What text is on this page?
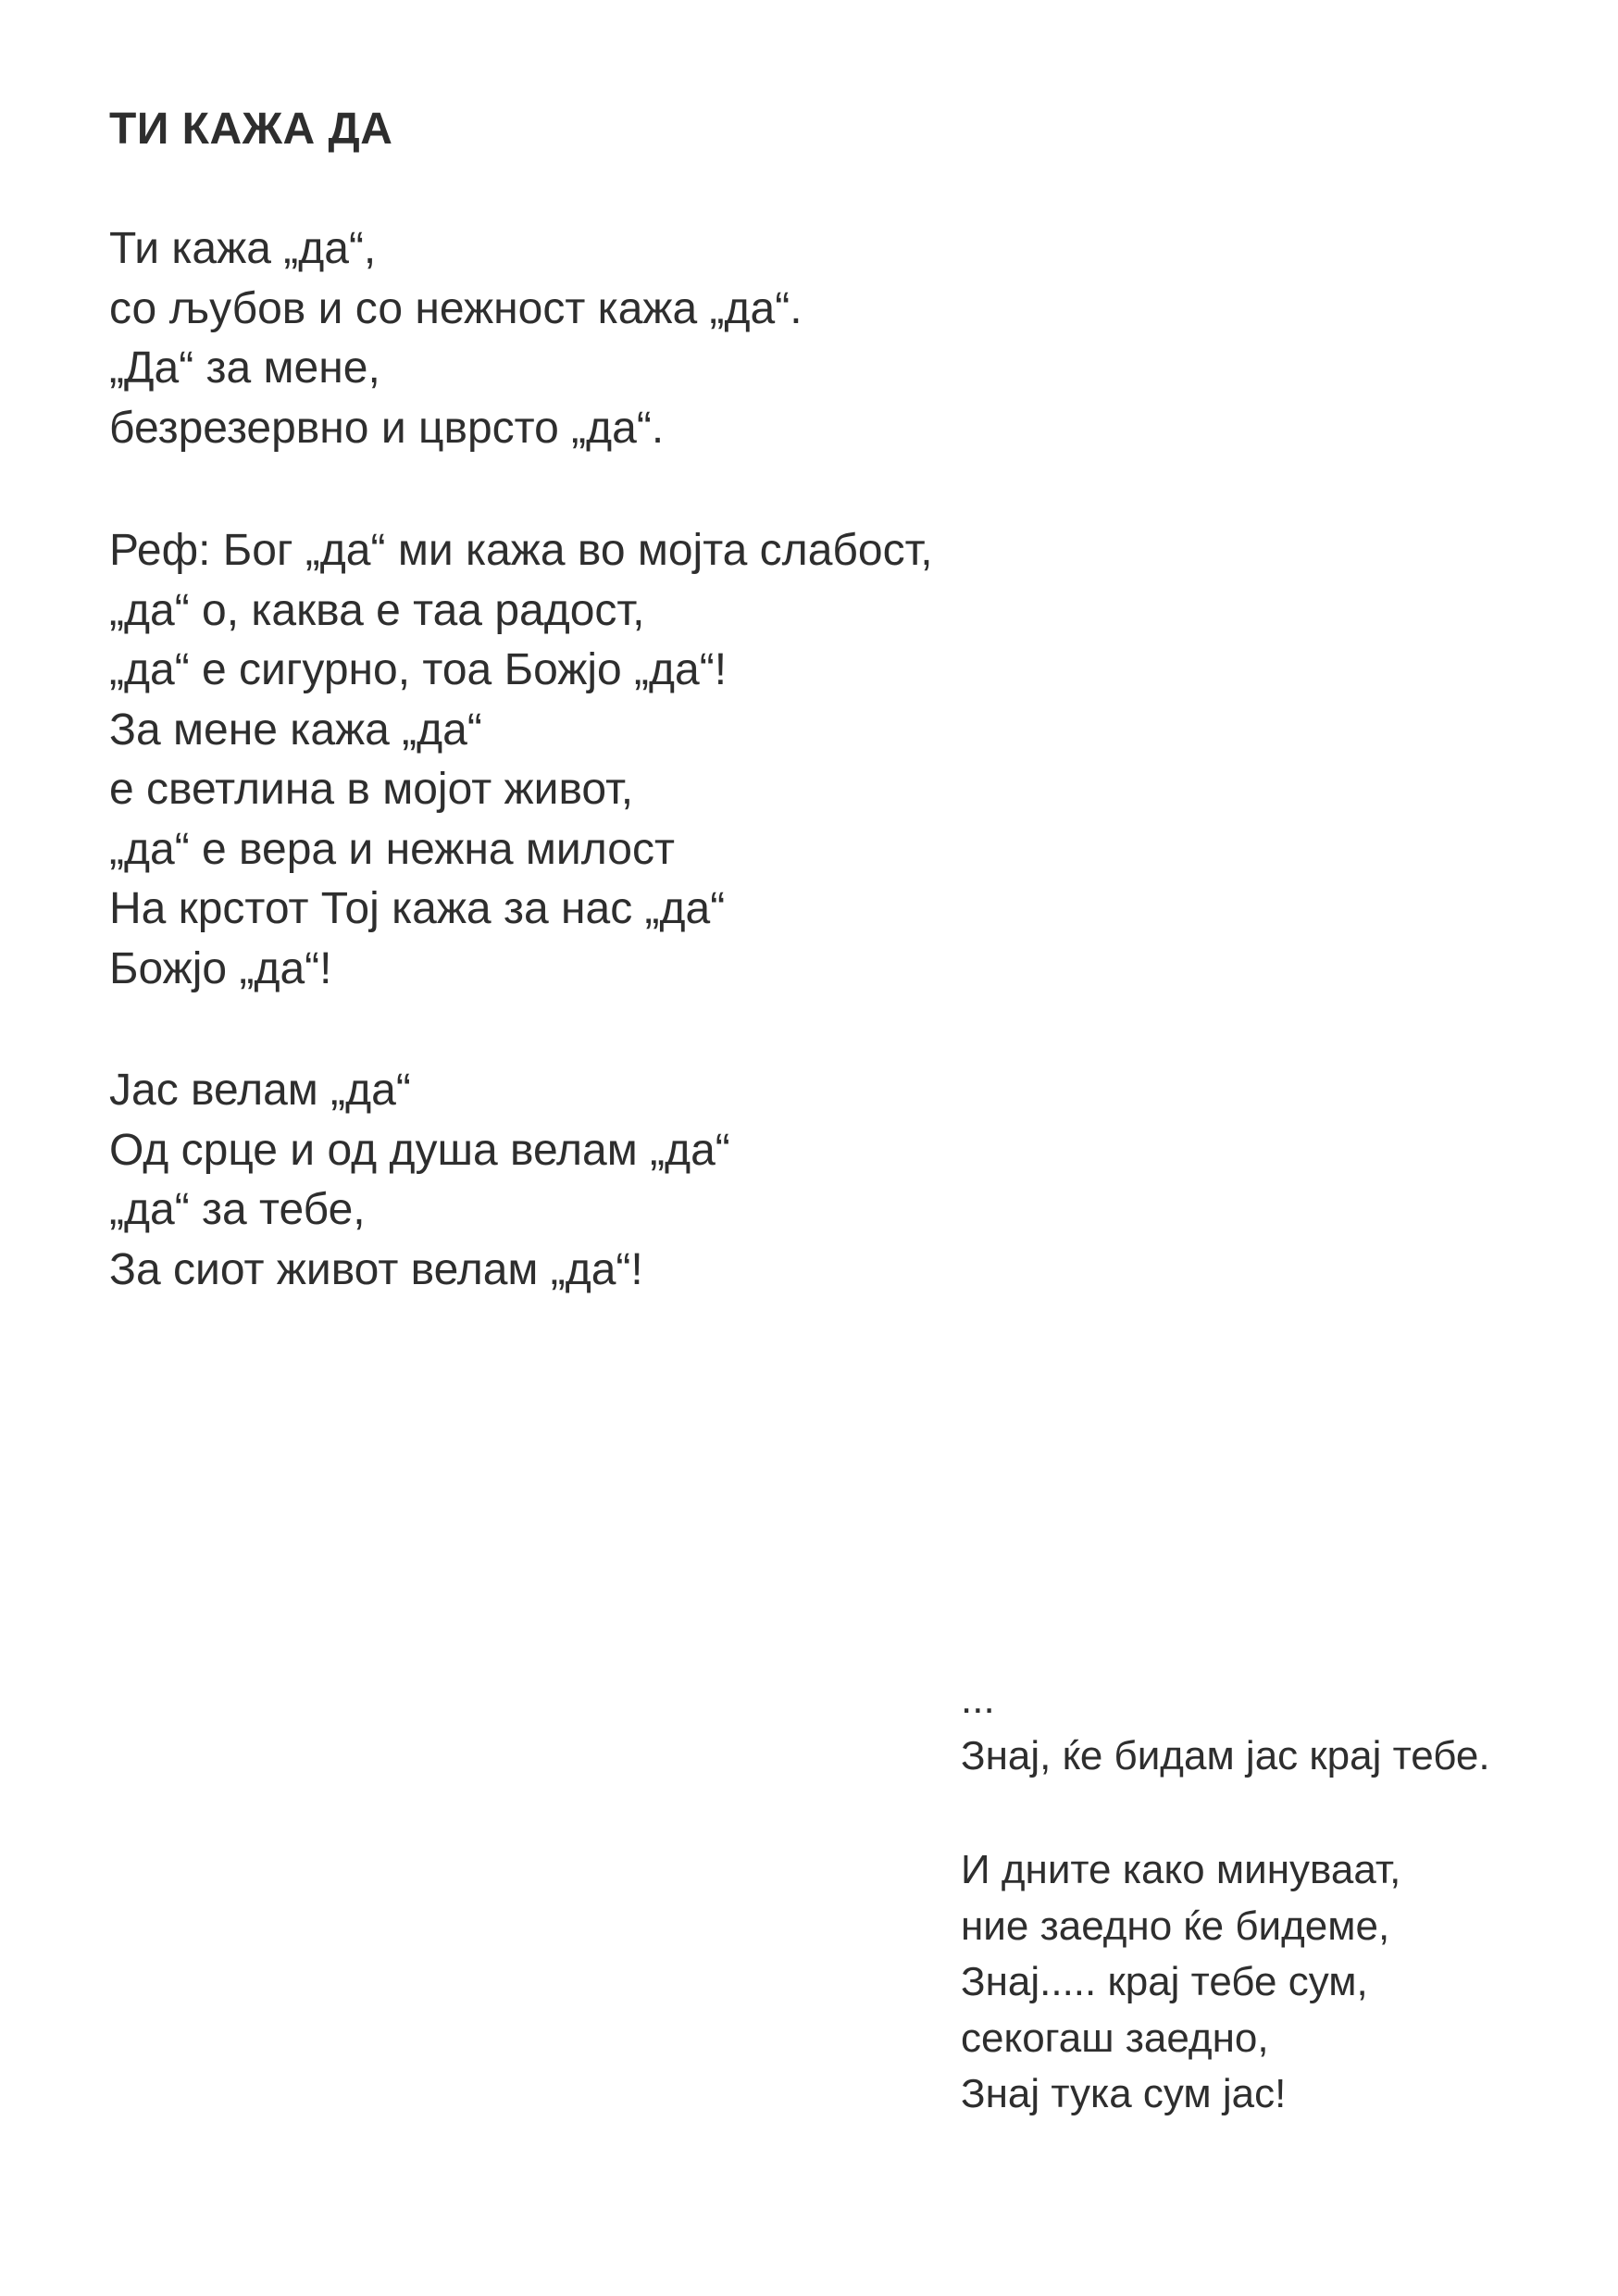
ТИ КАЖА ДА
Ти кажа „да“,
со љубов и со нежност кажа „да“.
„Да“ за мене,
безрезервно и цврсто „да“.
Реф: Бог „да“ ми кажа во мојта слабост,
„да“ о, каква е таа радост,
„да“ е сигурно, тоа Божјо „да“!
За мене кажа „да“
е светлина в мојот живот,
„да“ е вера и нежна милост
На крстот Тој кажа за нас „да“
Божјо „да“!
Јас велам „да“
Од срце и од душа велам „да“
„да“ за тебе,
За сиот живот велам „да“!
...
Знај, ќе бидам јас крај тебе.
И дните како минуваат,
ние заедно ќе бидеме,
Знај..... крај тебе сум,
секогаш заедно,
Знај тука сум јас!
